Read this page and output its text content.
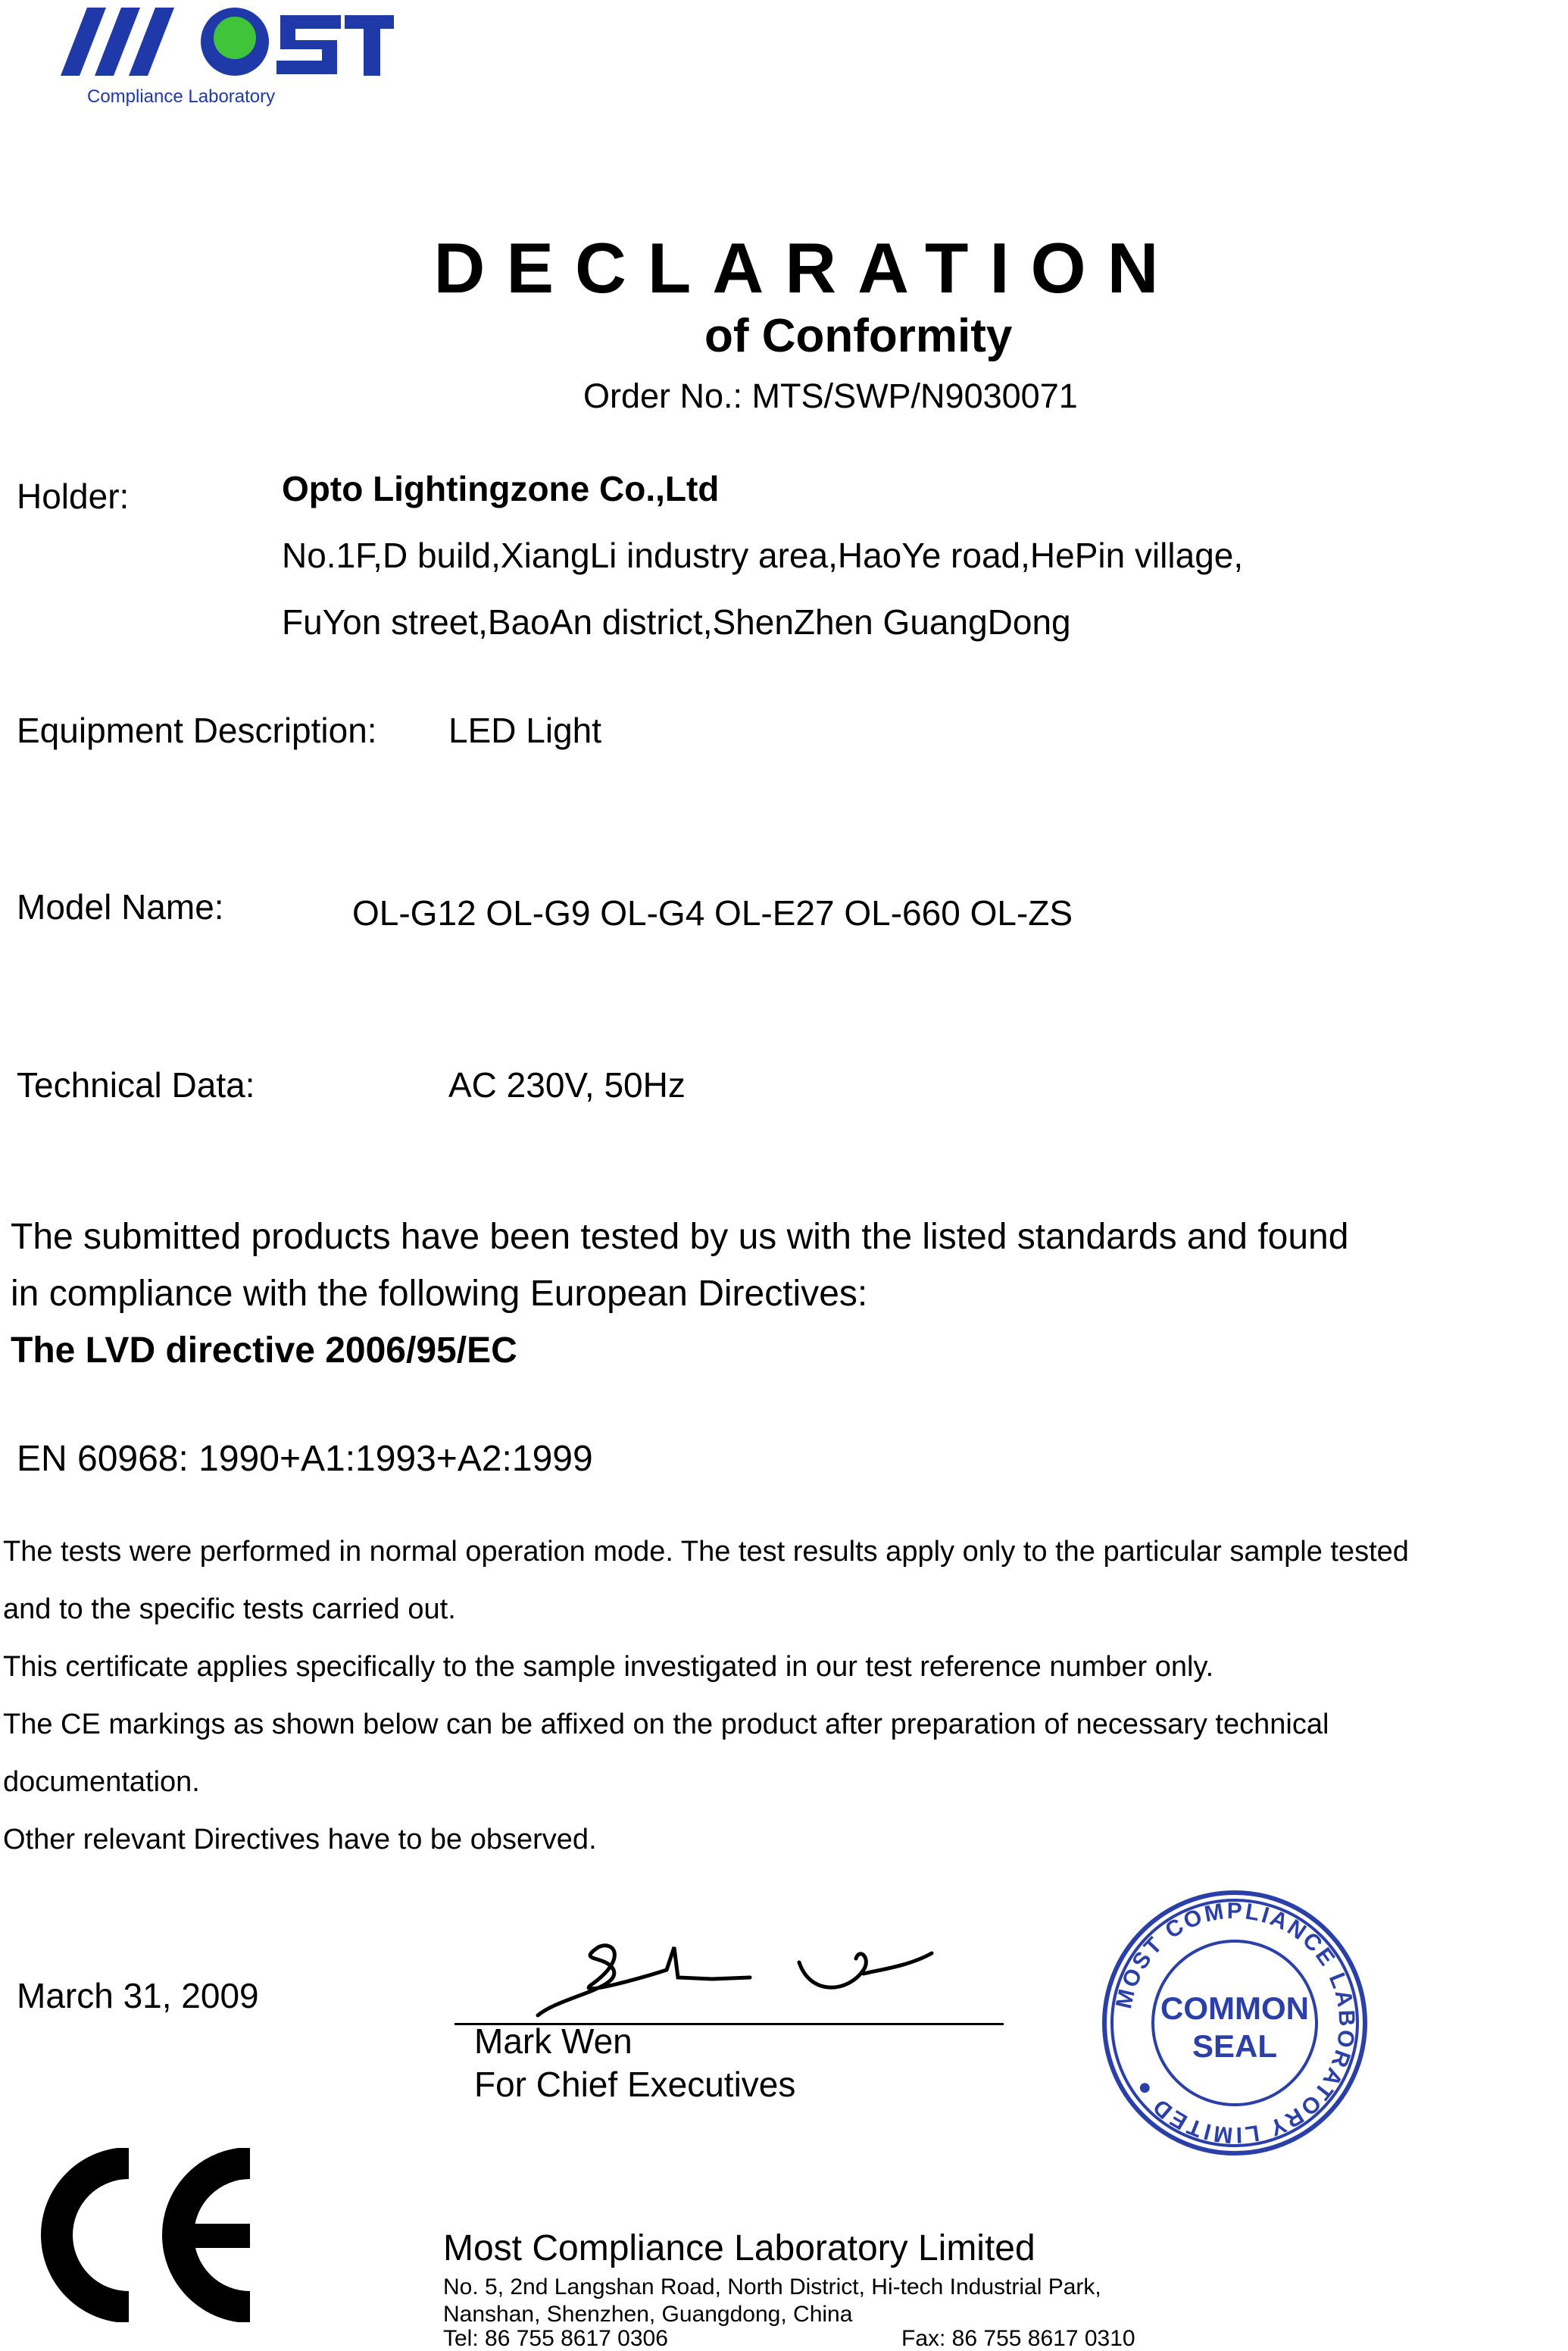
Compliance Laboratory
DECLARATION
of Conformity
Order No.: MTS/SWP/N9030071
Holder:	Opto Lightingzone Co.,Ltd
No.1F,D build,XiangLi industry area,HaoYe road,HePin village,
FuYon street,BaoAn district,ShenZhen GuangDong
Equipment Description: LED Light
Model Name:	OL-G12 OL-G9 OL-G4 OL-E27 OL-660 OL-ZS
Technical Data:	AC 230V, 50Hz
The submitted products have been tested by us with the listed standards and found
in compliance with the following European Directives:
The LVD directive 2006/95/EC
EN 60968: 1990+A1:1993+A2:1999
The tests were performed in normal operation mode. The test results apply only to the particular sample tested
and to the specific tests carried out.
This certificate applies specifically to the sample investigated in our test reference number only.
The CE markings as shown below can be affixed on the product after preparation of necessary technical
documentation.
Other relevant Directives have to be observed.
March 31, 2009
Mark Wen
For Chief Executives
MOST COMPLIANCE LABORATORY LIMITED ●
COMMON
SEAL
Most Compliance Laboratory Limited
No. 5, 2nd Langshan Road, North District, Hi-tech Industrial Park,
Nanshan, Shenzhen, Guangdong, China
Tel: 86 755 8617 0306	Fax: 86 755 8617 0310
